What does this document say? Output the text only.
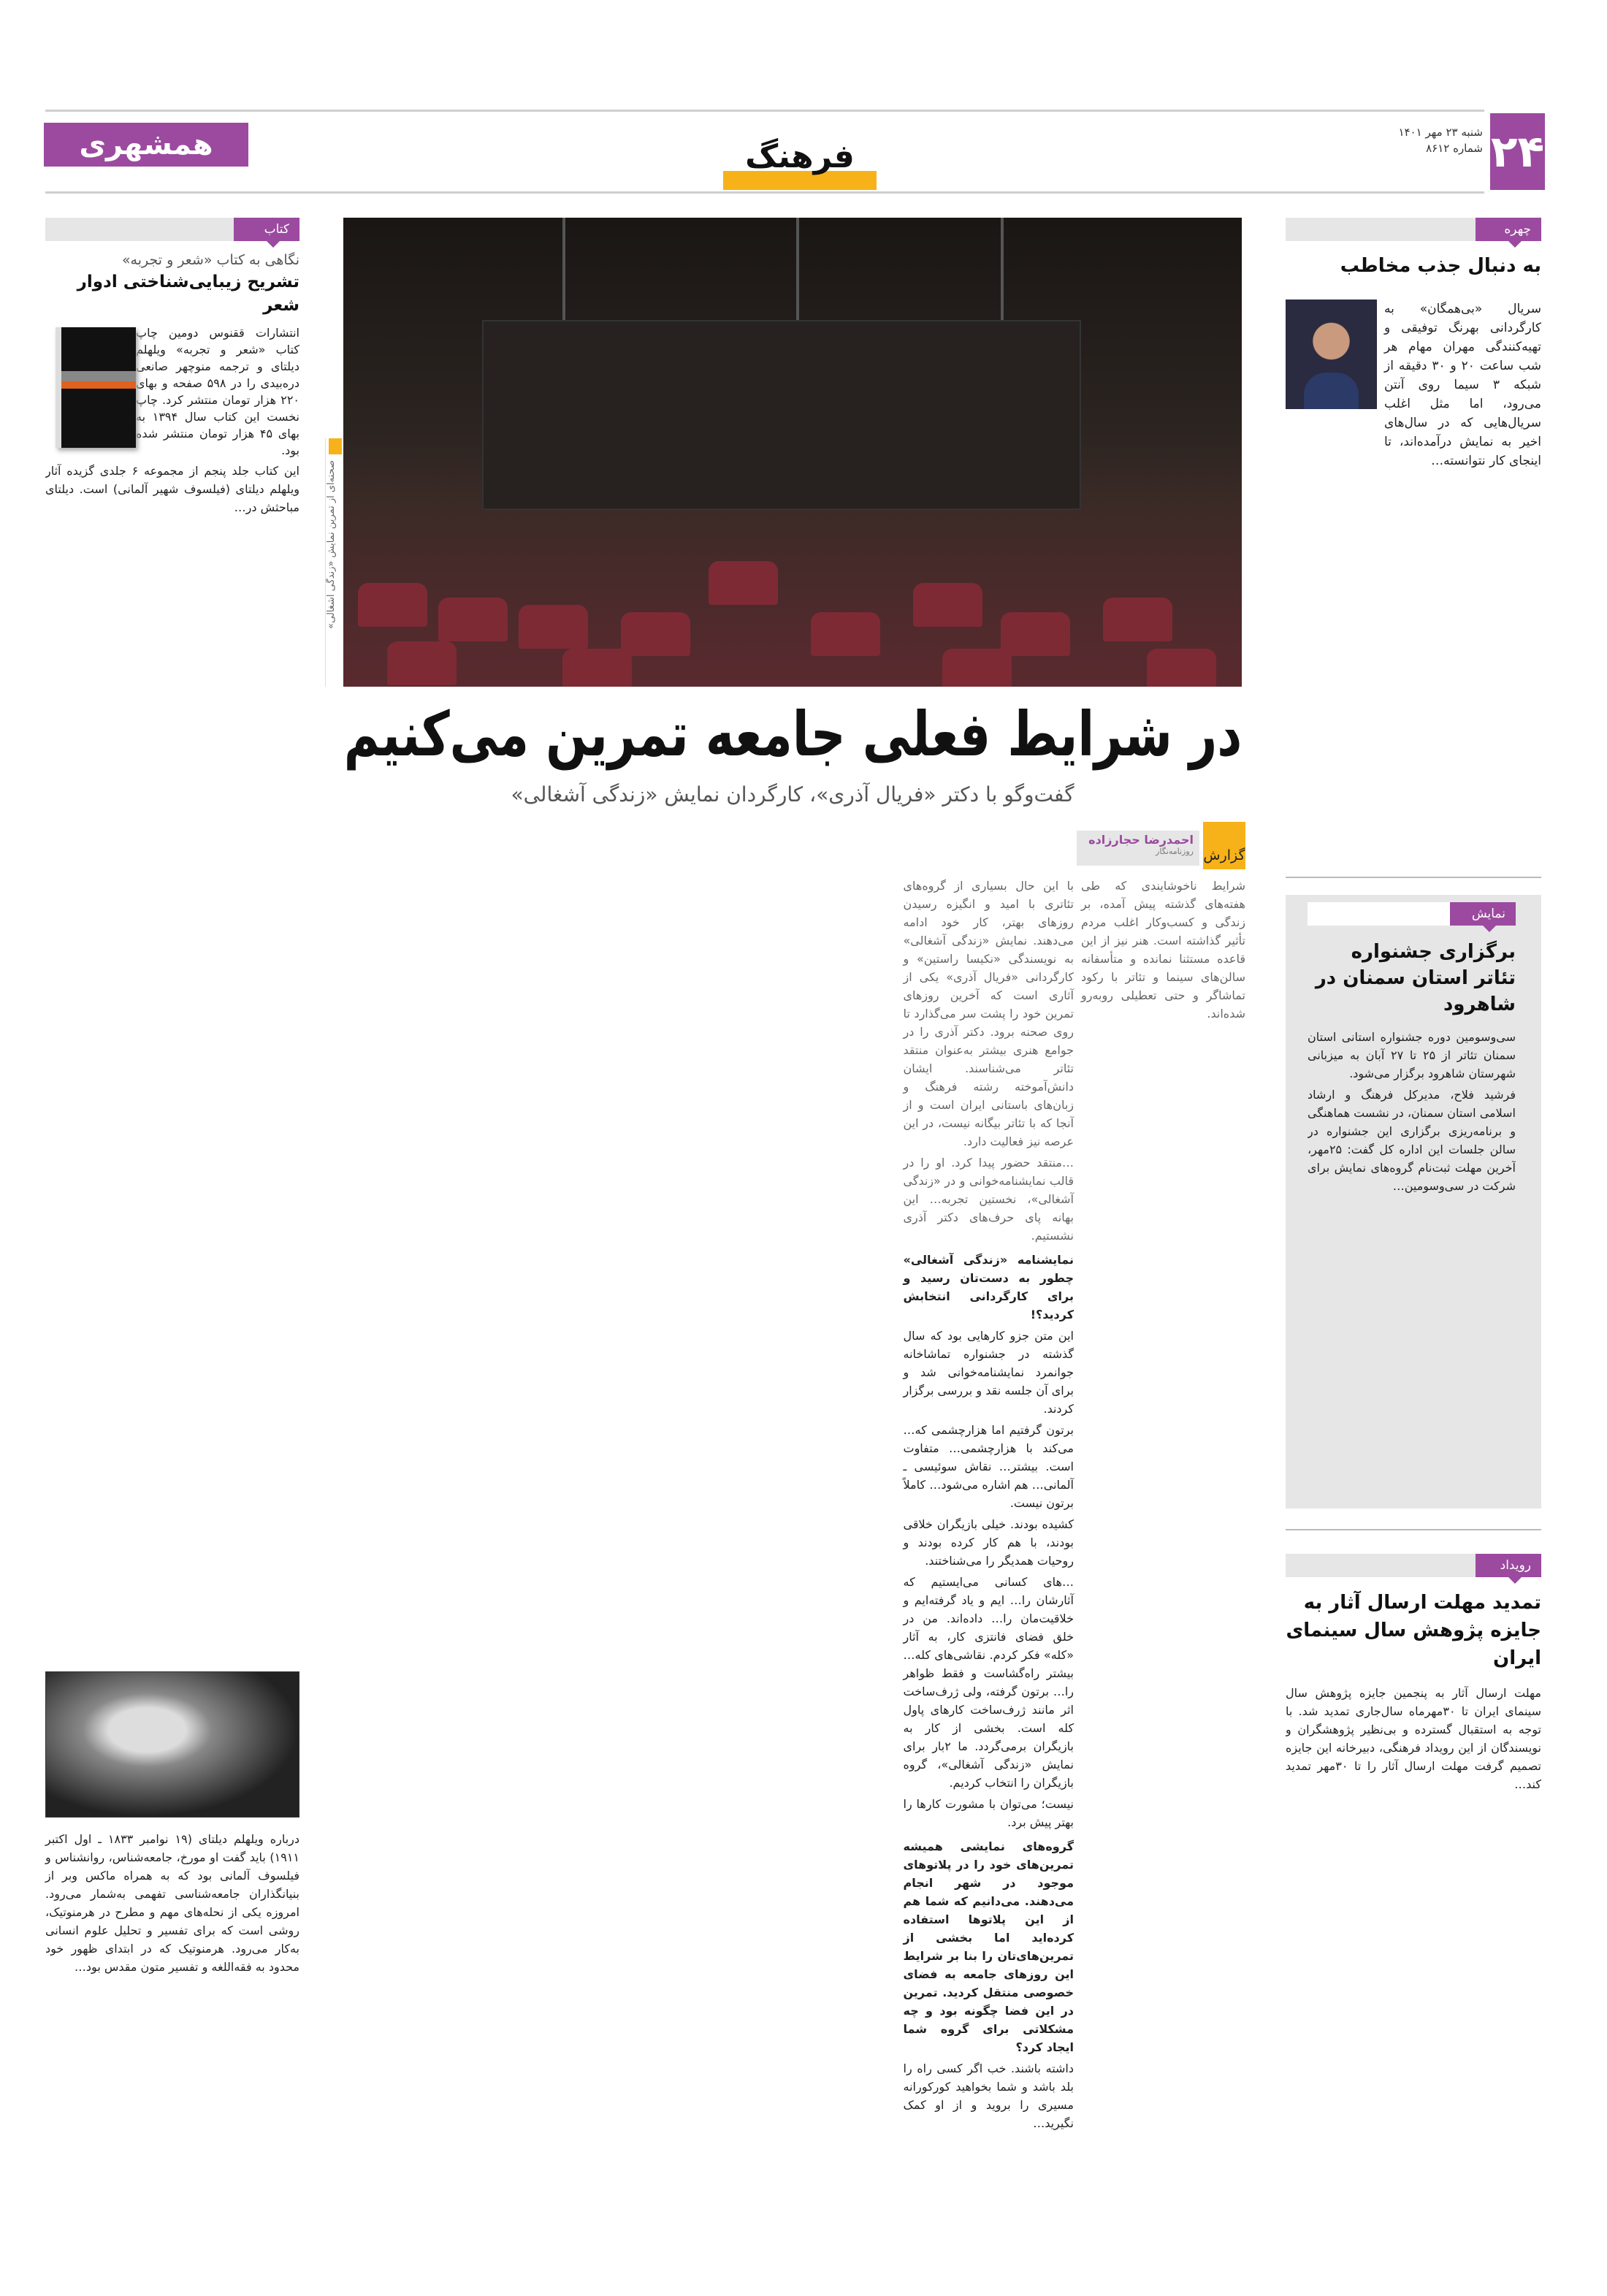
۲۴
شنبه ۲۳ مهر ۱۴۰۱
شماره ۸۶۱۲
فرهنگ
همشهری
صحنه‌ای از تمرین نمایش «زندگی آشغالی»
در شرایط فعلی جامعه تمرین می‌کنیم
گفت‌وگو با دکتر «فریال آذری»، کارگردان نمایش «زندگی آشغالی»
گزارش
احمدرضا حجارزاده
روزنامه‌نگار

شرایط ناخوشایندی که طی هفته‌های گذشته پیش آمده، بر زندگی و کسب‌وکار اغلب مردم تأثیر گذاشته است. هنر نیز از این قاعده مستثنا نمانده و متأسفانه سالن‌های سینما و تئاتر با رکود تماشاگر و حتی تعطیلی روبه‌رو شده‌اند.

با این حال بسیاری از گروه‌های تئاتری با امید و انگیزه رسیدن روزهای بهتر، کار خود ادامه می‌دهند. نمایش «زندگی آشغالی» به نویسندگی «نکیسا راستین» و کارگردانی «فریال آذری» یکی از آثاری است که آخرین روزهای تمرین خود را پشت سر می‌گذارد تا روی صحنه برود. دکتر آذری را در جوامع هنری بیشتر به‌عنوان منتقد تئاتر می‌شناسند. ایشان دانش‌آموخته رشته فرهنگ و زبان‌های باستانی ایران است و از آنجا که با تئاتر بیگانه نیست، در این عرصه نیز فعالیت دارد.

…منتقد حضور پیدا کرد. او را در قالب نمایشنامه‌خوانی و در «زندگی آشغالی»، نخستین تجربه… این بهانه پای حرف‌های دکتر آذری نشستیم.

نمایشنامه «زندگی آشغالی» چطور به دست‌تان رسید و برای کارگردانی انتخابش کردید؟!

این متن جزو کارهایی بود که سال گذشته در جشنواره تماشاخانه جوانمرد نمایشنامه‌خوانی شد و برای آن جلسه نقد و بررسی برگزار کردند.

برتون گرفتیم اما هزارچشمی که… می‌کند با هزارچشمی… متفاوت است. بیشتر… نقاش سوئیسی ـ آلمانی… هم اشاره می‌شود… کاملاً برتون نیست.

کشیده بودند. خیلی بازیگران خلاقی بودند، با هم کار کرده بودند و روحیات همدیگر را می‌شناختند.

…های کسانی می‌ایستیم که آثارشان را… ایم و یاد گرفته‌ایم و خلاقیت‌مان را… داده‌اند. من در خلق فضای فانتزی کار، به آثار «کله» فکر کردم. نقاشی‌های کله… بیشتر راه‌گشاست و فقط ظواهر را… برتون گرفته، ولی ژرف‌ساخت اثر مانند ژرف‌ساخت کارهای پاول کله است. بخشی از کار به بازیگران برمی‌گردد. ما ۲بار برای نمایش «زندگی آشغالی»، گروه بازیگران را انتخاب کردیم.

نیست؛ می‌توان با مشورت کارها را بهتر پیش برد.

گروه‌های نمایشی همیشه تمرین‌های خود را در پلاتوهای موجود در شهر انجام می‌دهند. می‌دانیم که شما هم از این پلاتوها استفاده کرده‌اید اما بخشی از تمرین‌های‌تان را بنا بر شرایط این روزهای جامعه به فضای خصوصی منتقل کردید. تمرین در این فضا چگونه بود و چه مشکلاتی برای گروه شما ایجاد کرد؟

داشته باشند. خب اگر کسی راه را بلد باشد و شما بخواهید کورکورانه مسیری را بروید و از او کمک نگیرید…

چهره
به دنبال جذب مخاطب
سریال «بی‌همگان» به کارگردانی بهرنگ توفیقی و تهیه‌کنندگی مهران مهام هر شب ساعت ۲۰ و ۳۰ دقیقه از شبکه ۳ سیما روی آنتن می‌رود، اما مثل اغلب سریال‌هایی که در سال‌های اخیر به نمایش درآمده‌اند، تا اینجای کار نتوانسته…
نمایش
برگزاری جشنواره تئاتر استان سمنان در شاهرود

سی‌وسومین دوره جشنواره استانی استان سمنان تئاتر از ۲۵ تا ۲۷ آبان به میزبانی شهرستان شاهرود برگزار می‌شود.

فرشید فلاح، مدیرکل فرهنگ و ارشاد اسلامی استان سمنان، در نشست هماهنگی و برنامه‌ریزی برگزاری این جشنواره در سالن جلسات این اداره کل گفت: ۲۵مهر، آخرین مهلت ثبت‌نام گروه‌های نمایش برای شرکت در سی‌وسومین…

رویداد
تمدید مهلت ارسال آثار به جایزه پژوهش سال سینمای ایران
مهلت ارسال آثار به پنجمین جایزه پژوهش سال سینمای ایران تا ۳۰مهرماه سال‌جاری تمدید شد. با توجه به استقبال گسترده و بی‌نظیر پژوهشگران و نویسندگان از این رویداد فرهنگی، دبیرخانه این جایزه تصمیم گرفت مهلت ارسال آثار را تا ۳۰مهر تمدید کند…
کتاب
نگاهی به کتاب «شعر و تجربه»
تشریح زیبایی‌شناختی ادوار شعر

انتشارات ققنوس دومین چاپ کتاب «شعر و تجربه» ویلهلم دیلتای و ترجمه منوچهر صانعی دره‌بیدی را در ۵۹۸ صفحه و بهای ۲۲۰ هزار تومان منتشر کرد. چاپ نخست این کتاب سال ۱۳۹۴ به بهای ۴۵ هزار تومان منتشر شده بود.

این کتاب جلد پنجم از مجموعه ۶ جلدی گزیده آثار ویلهلم دیلتای (فیلسوف شهیر آلمانی) است. دیلتای مباحثش در…

درباره ویلهلم دیلتای (۱۹ نوامبر ۱۸۳۳ ـ اول اکتبر ۱۹۱۱) باید گفت او مورخ، جامعه‌شناس، روانشناس و فیلسوف آلمانی بود که به همراه ماکس وبر از بنیانگذاران جامعه‌شناسی تفهمی به‌شمار می‌رود. امروزه یکی از نحله‌های مهم و مطرح در هرمنوتیک، روشی است که برای تفسیر و تحلیل علوم انسانی به‌کار می‌رود. هرمنوتیک که در ابتدای ظهور خود محدود به فقه‌اللغه و تفسیر متون مقدس بود…
